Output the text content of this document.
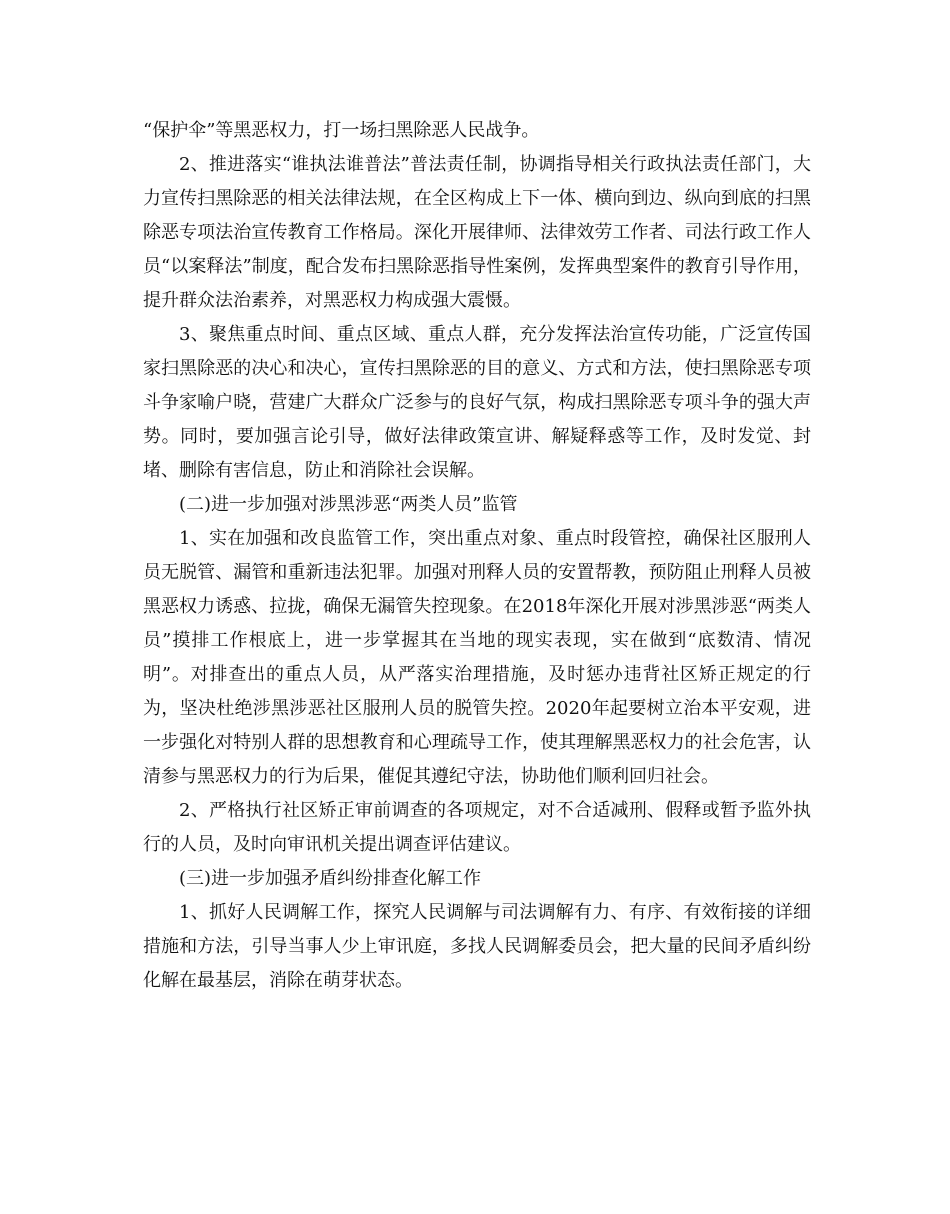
“保护伞”等黑恶权力，打一场扫黑除恶人民战争。

2、推进落实“谁执法谁普法”普法责任制，协调指导相关行政执法责任部门，大力宣传扫黑除恶的相关法律法规，在全区构成上下一体、横向到边、纵向到底的扫黑除恶专项法治宣传教育工作格局。深化开展律师、法律效劳工作者、司法行政工作人员“以案释法”制度，配合发布扫黑除恶指导性案例，发挥典型案件的教育引导作用，提升群众法治素养，对黑恶权力构成强大震慑。

3、聚焦重点时间、重点区域、重点人群，充分发挥法治宣传功能，广泛宣传国家扫黑除恶的决心和决心，宣传扫黑除恶的目的意义、方式和方法，使扫黑除恶专项斗争家喻户晓，营建广大群众广泛参与的良好气氛，构成扫黑除恶专项斗争的强大声势。同时，要加强言论引导，做好法律政策宣讲、解疑释惑等工作，及时发觉、封堵、删除有害信息，防止和消除社会误解。

(二)进一步加强对涉黑涉恶“两类人员”监管

1、实在加强和改良监管工作，突出重点对象、重点时段管控，确保社区服刑人员无脱管、漏管和重新违法犯罪。加强对刑释人员的安置帮教，预防阻止刑释人员被黑恶权力诱惑、拉拢，确保无漏管失控现象。在2018年深化开展对涉黑涉恶“两类人员”摸排工作根底上，进一步掌握其在当地的现实表现，实在做到“底数清、情况明”。对排查出的重点人员，从严落实治理措施，及时惩办违背社区矫正规定的行为，坚决杜绝涉黑涉恶社区服刑人员的脱管失控。2020年起要树立治本平安观，进一步强化对特别人群的思想教育和心理疏导工作，使其理解黑恶权力的社会危害，认清参与黑恶权力的行为后果，催促其遵纪守法，协助他们顺利回归社会。

2、严格执行社区矫正审前调查的各项规定，对不合适减刑、假释或暂予监外执行的人员，及时向审讯机关提出调查评估建议。

(三)进一步加强矛盾纠纷排查化解工作

1、抓好人民调解工作，探究人民调解与司法调解有力、有序、有效衔接的详细措施和方法，引导当事人少上审讯庭，多找人民调解委员会，把大量的民间矛盾纠纷化解在最基层，消除在萌芽状态。
